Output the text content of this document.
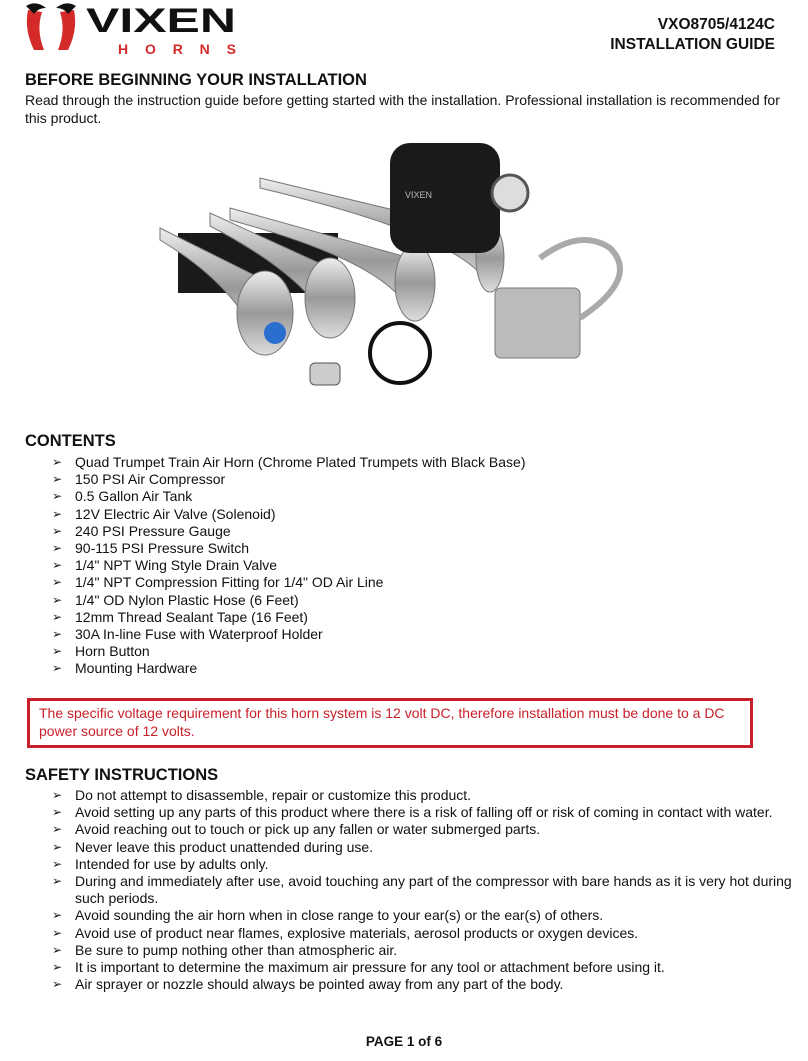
VIXEN
HORNS
VXO8705/4124C
INSTALLATION GUIDE
BEFORE BEGINNING YOUR INSTALLATION
Read through the instruction guide before getting started with the installation. Professional installation is recommended for this product.
VIXEN
CONTENTS
➢ Quad Trumpet Train Air Horn (Chrome Plated Trumpets with Black Base)
➢ 150 PSI Air Compressor
➢ 0.5 Gallon Air Tank
➢ 12V Electric Air Valve (Solenoid)
➢ 240 PSI Pressure Gauge
➢ 90-115 PSI Pressure Switch
➢ 1/4" NPT Wing Style Drain Valve
➢ 1/4" NPT Compression Fitting for 1/4" OD Air Line
➢ 1/4" OD Nylon Plastic Hose (6 Feet)
➢ 12mm Thread Sealant Tape (16 Feet)
➢ 30A In-line Fuse with Waterproof Holder
➢ Horn Button
➢ Mounting Hardware
The specific voltage requirement for this horn system is 12 volt DC, therefore installation must be done to a DC power source of 12 volts.
SAFETY INSTRUCTIONS
➢ Do not attempt to disassemble, repair or customize this product.
➢ Avoid setting up any parts of this product where there is a risk of falling off or risk of coming in contact with water.
➢ Avoid reaching out to touch or pick up any fallen or water submerged parts.
➢ Never leave this product unattended during use.
➢ Intended for use by adults only.
➢ During and immediately after use, avoid touching any part of the compressor with bare hands as it is very hot during such periods.
➢ Avoid sounding the air horn when in close range to your ear(s) or the ear(s) of others.
➢ Avoid use of product near flames, explosive materials, aerosol products or oxygen devices.
➢ Be sure to pump nothing other than atmospheric air.
➢ It is important to determine the maximum air pressure for any tool or attachment before using it.
➢ Air sprayer or nozzle should always be pointed away from any part of the body.
PAGE 1 of 6
